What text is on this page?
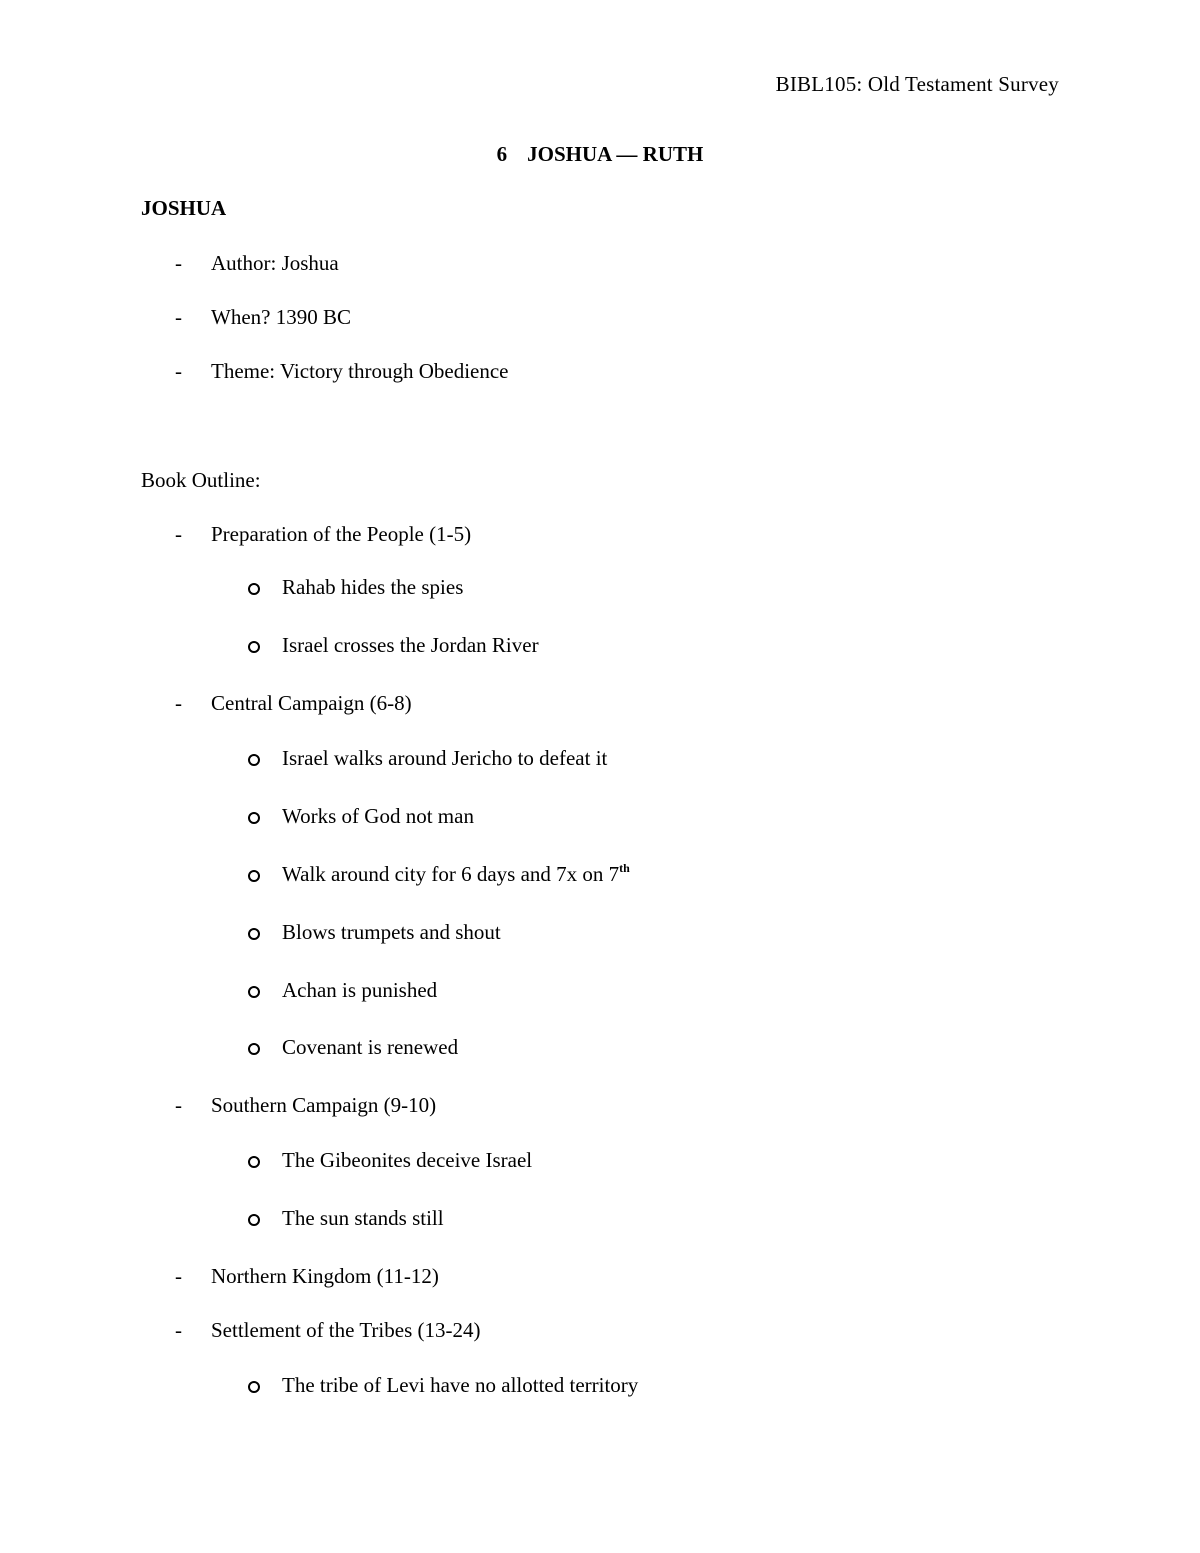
BIBL105: Old Testament Survey
6 JOSHUA — RUTH
JOSHUA
-	Author: Joshua
-	When? 1390 BC
-	Theme: Victory through Obedience
Book Outline:
-	Preparation of the People (1-5)
Rahab hides the spies
Israel crosses the Jordan River
-	Central Campaign (6-8)
Israel walks around Jericho to defeat it
Works of God not man
Walk around city for 6 days and 7x on 7th
Blows trumpets and shout
Achan is punished
Covenant is renewed
-	Southern Campaign (9-10)
The Gibeonites deceive Israel
The sun stands still
-	Northern Kingdom (11-12)
-	Settlement of the Tribes (13-24)
The tribe of Levi have no allotted territory
